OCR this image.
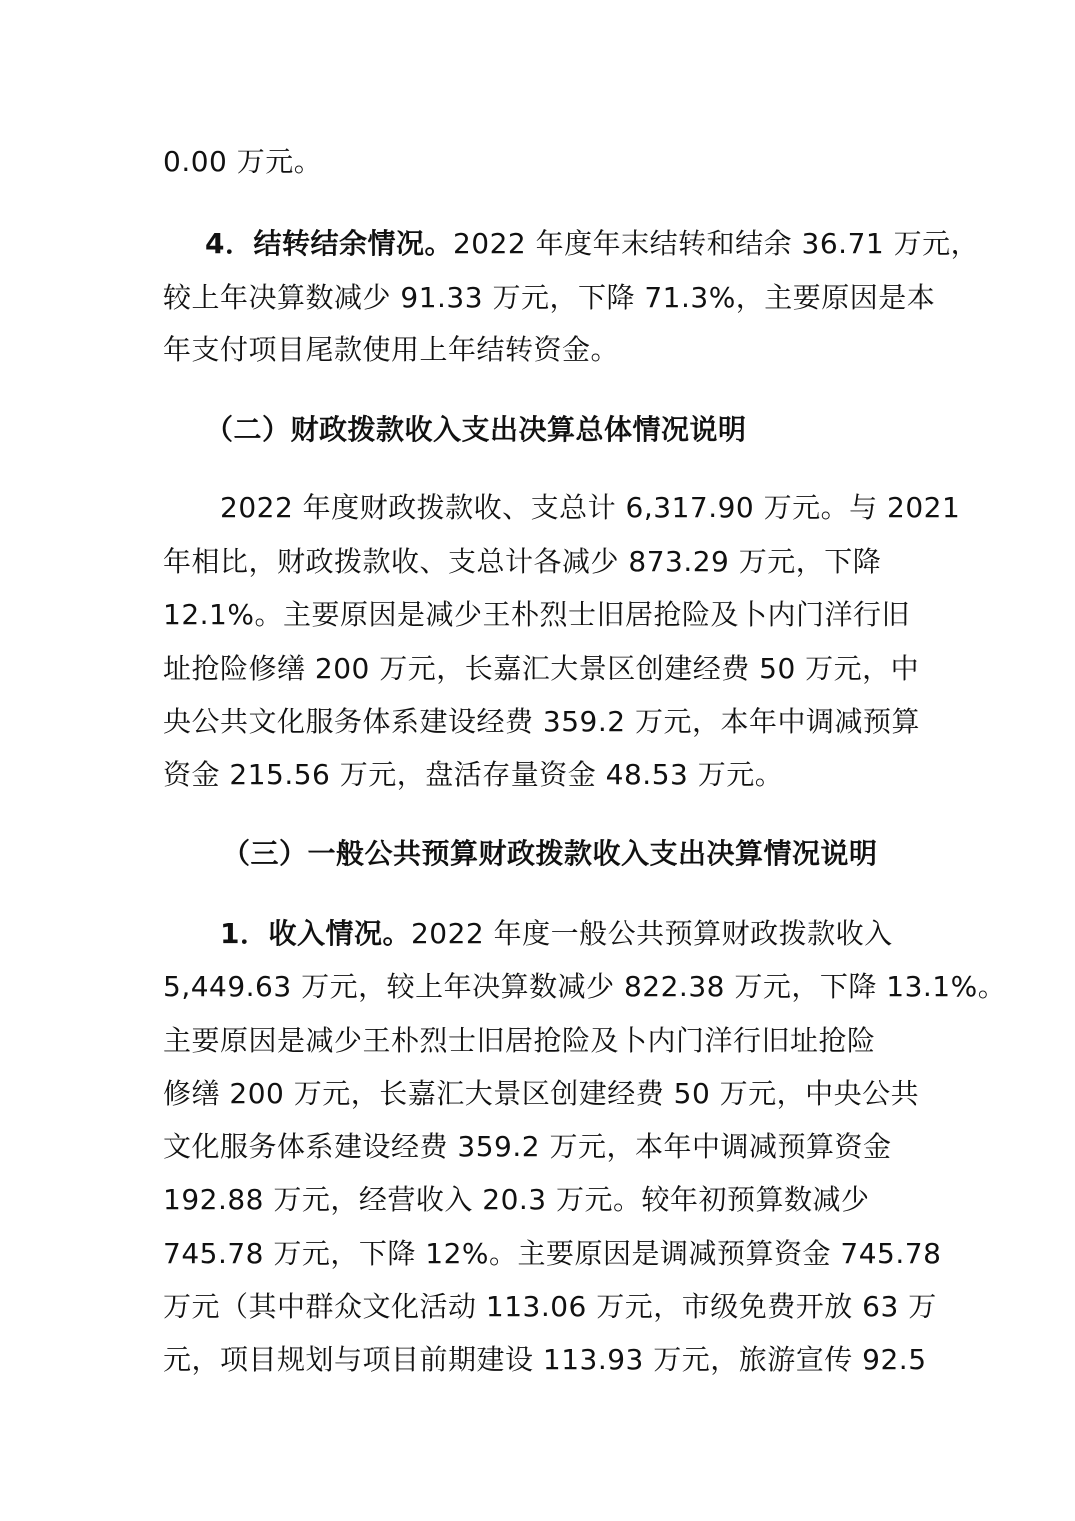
0.00 万元。
4．结转结余情况。2022 年度年末结转和结余 36.71 万元，
较上年决算数减少 91.33 万元，下降 71.3%，主要原因是本
年支付项目尾款使用上年结转资金。
（二）财政拨款收入支出决算总体情况说明
2022 年度财政拨款收、支总计 6,317.90 万元。与 2021
年相比，财政拨款收、支总计各减少 873.29 万元，下降
12.1%。主要原因是减少王朴烈士旧居抢险及卜内门洋行旧
址抢险修缮 200 万元，长嘉汇大景区创建经费 50 万元，中
央公共文化服务体系建设经费 359.2 万元，本年中调减预算
资金 215.56 万元，盘活存量资金 48.53 万元。
（三）一般公共预算财政拨款收入支出决算情况说明
1．收入情况。2022 年度一般公共预算财政拨款收入
5,449.63 万元，较上年决算数减少 822.38 万元，下降 13.1%。
主要原因是减少王朴烈士旧居抢险及卜内门洋行旧址抢险
修缮 200 万元，长嘉汇大景区创建经费 50 万元，中央公共
文化服务体系建设经费 359.2 万元，本年中调减预算资金
192.88 万元，经营收入 20.3 万元。较年初预算数减少
745.78 万元，下降 12%。主要原因是调减预算资金 745.78
万元（其中群众文化活动 113.06 万元，市级免费开放 63 万
元，项目规划与项目前期建设 113.93 万元，旅游宣传 92.5
